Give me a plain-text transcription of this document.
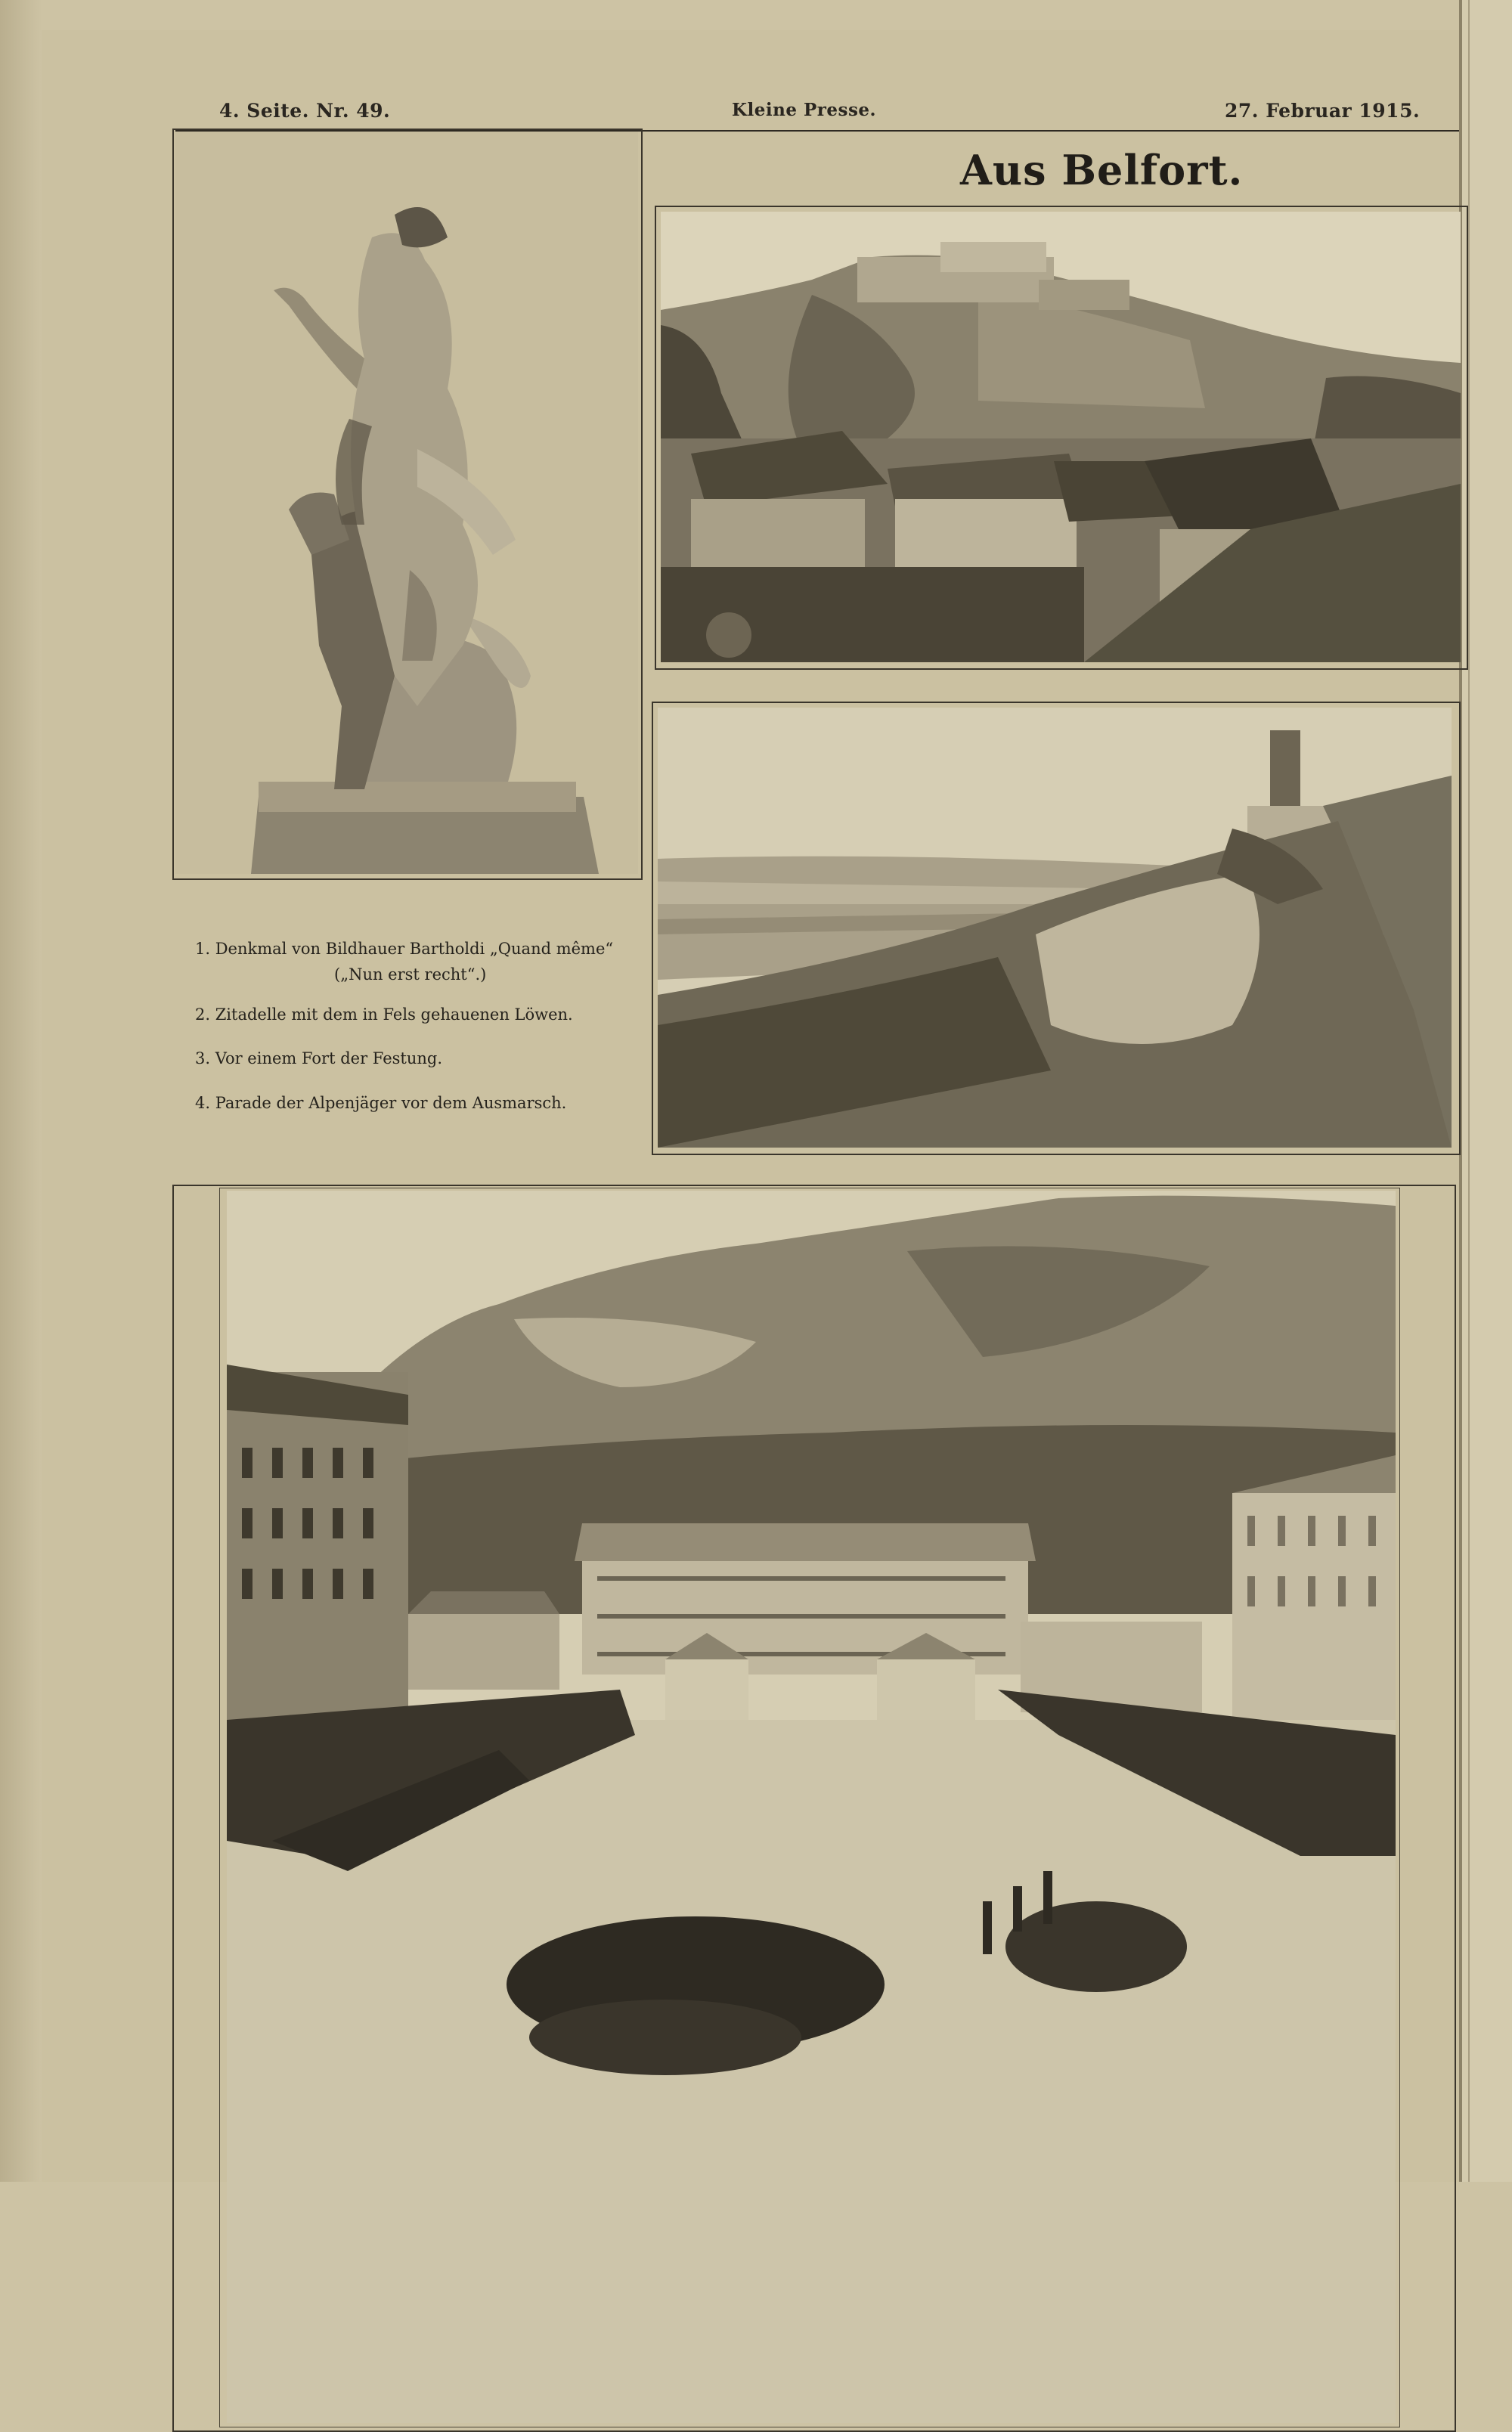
4. Seite. Nr. 49.	Kleine Presse.	27. Februar 1915.
Aus Belfort.
1. Denkmal von Bildhauer Bartholdi „Quand même“
(„Nun erst recht“.)
2. Zitadelle mit dem in Fels gehauenen Löwen.
3. Vor einem Fort der Festung.
4. Parade der Alpenjäger vor dem Ausmarsch.
